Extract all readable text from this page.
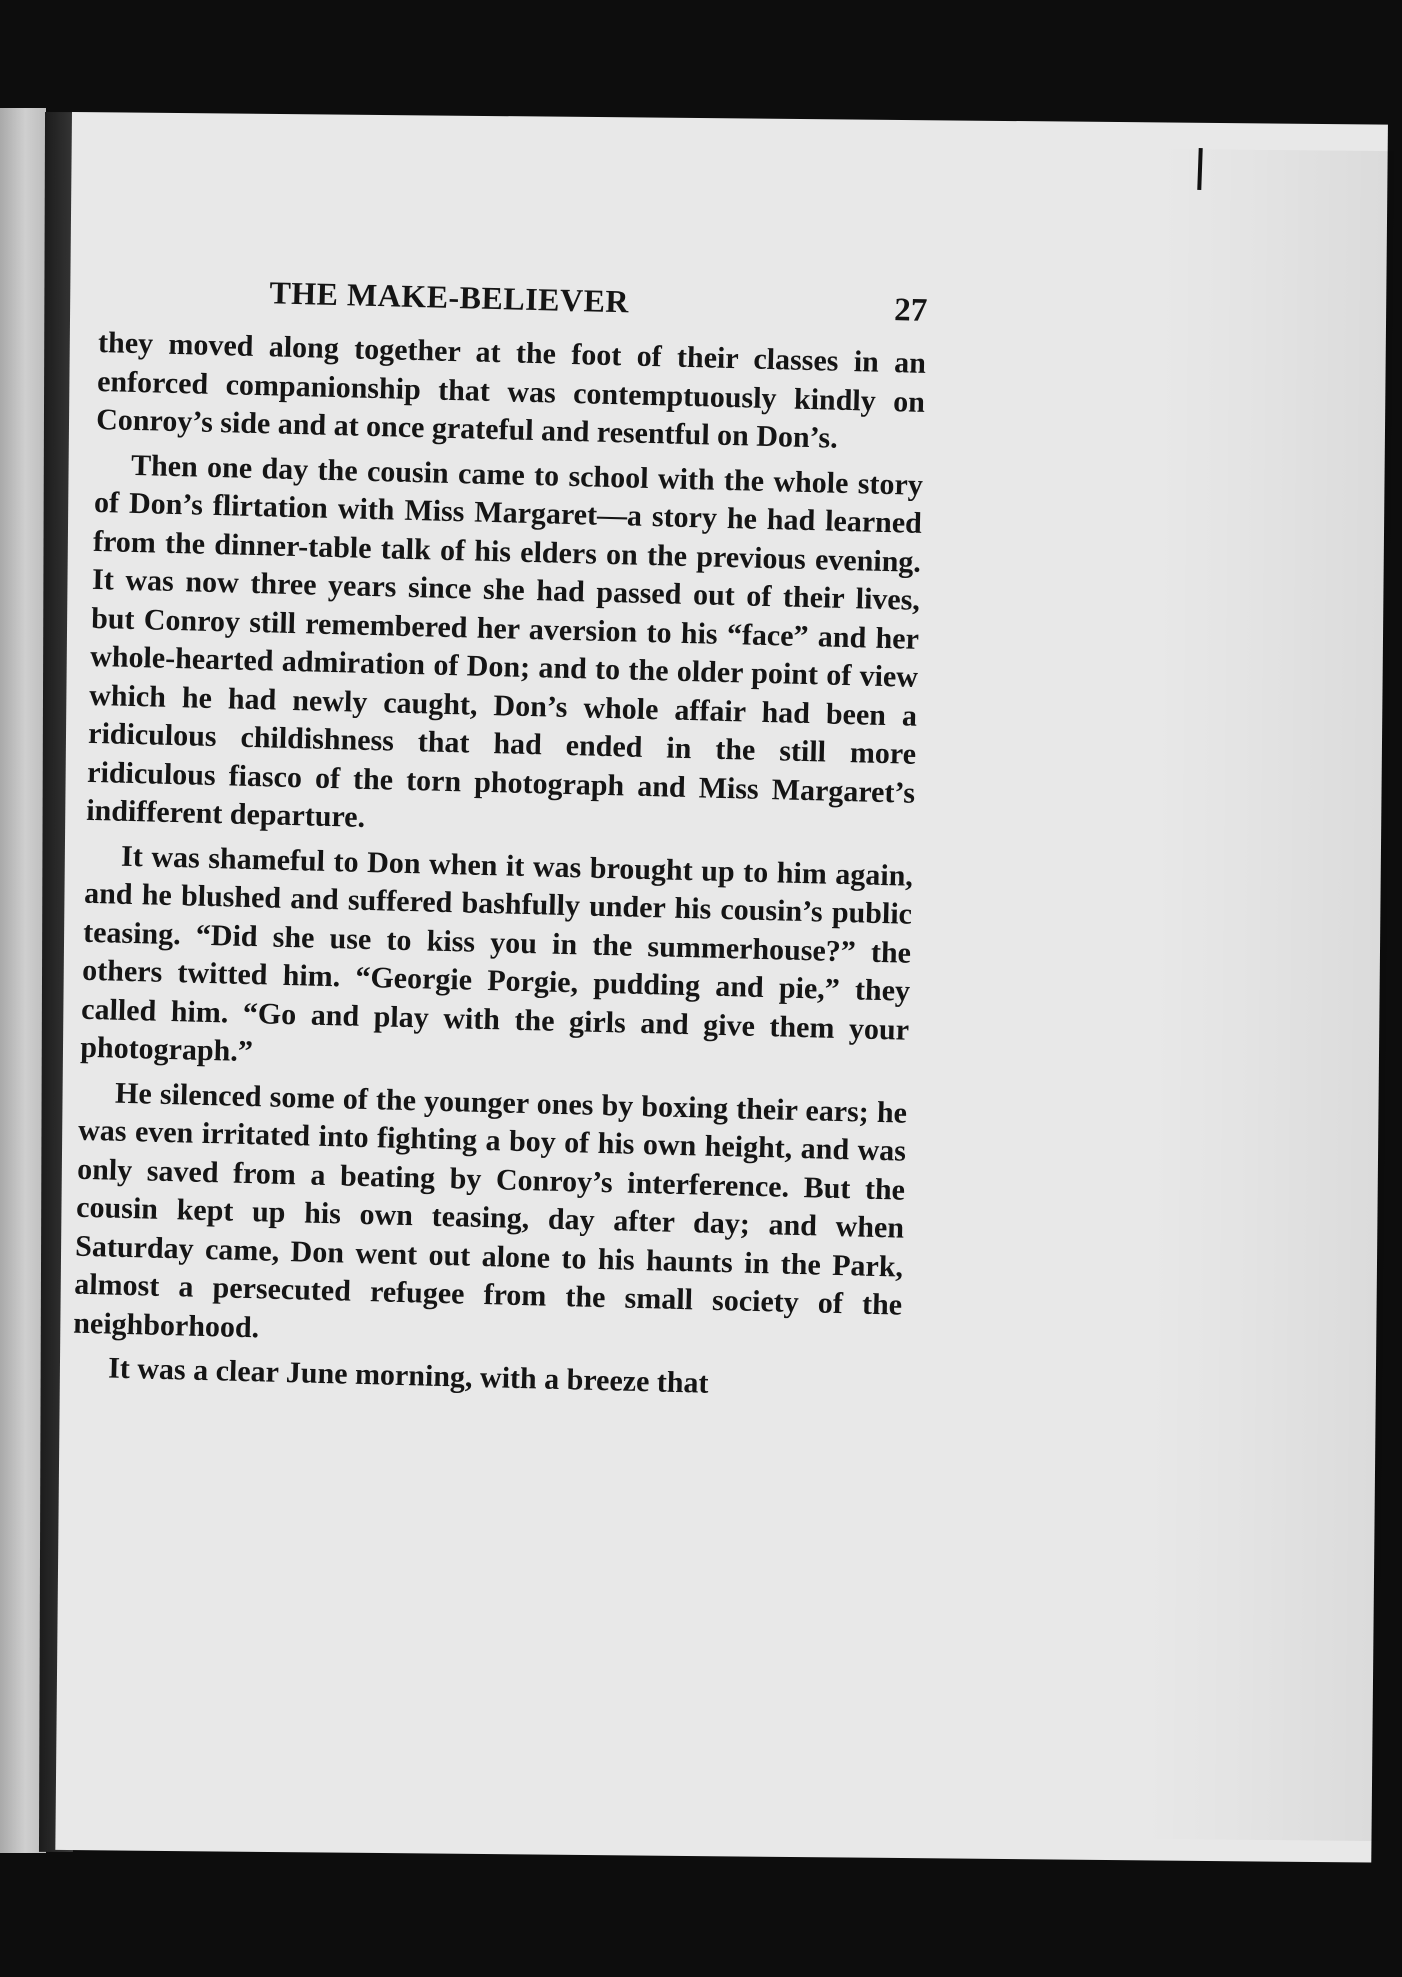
THE MAKE-BELIEVER	27

they moved along together at the foot of their classes in an enforced companionship that was contemptuously kindly on Conroy’s side and at once grateful and resentful on Don’s.

Then one day the cousin came to school with the whole story of Don’s flirtation with Miss Margaret—a story he had learned from the dinner-table talk of his elders on the previous evening. It was now three years since she had passed out of their lives, but Conroy still remembered her aversion to his “face” and her whole-hearted admiration of Don; and to the older point of view which he had newly caught, Don’s whole affair had been a ridiculous childishness that had ended in the still more ridiculous fiasco of the torn photograph and Miss Margaret’s indifferent departure.

It was shameful to Don when it was brought up to him again, and he blushed and suffered bashfully under his cousin’s public teasing. “Did she use to kiss you in the summerhouse?” the others twitted him. “Georgie Porgie, pudding and pie,” they called him. “Go and play with the girls and give them your photograph.”

He silenced some of the younger ones by boxing their ears; he was even irritated into fighting a boy of his own height, and was only saved from a beating by Conroy’s interference. But the cousin kept up his own teasing, day after day; and when Saturday came, Don went out alone to his haunts in the Park, almost a persecuted refugee from the small society of the neighborhood.

It was a clear June morning, with a breeze that
